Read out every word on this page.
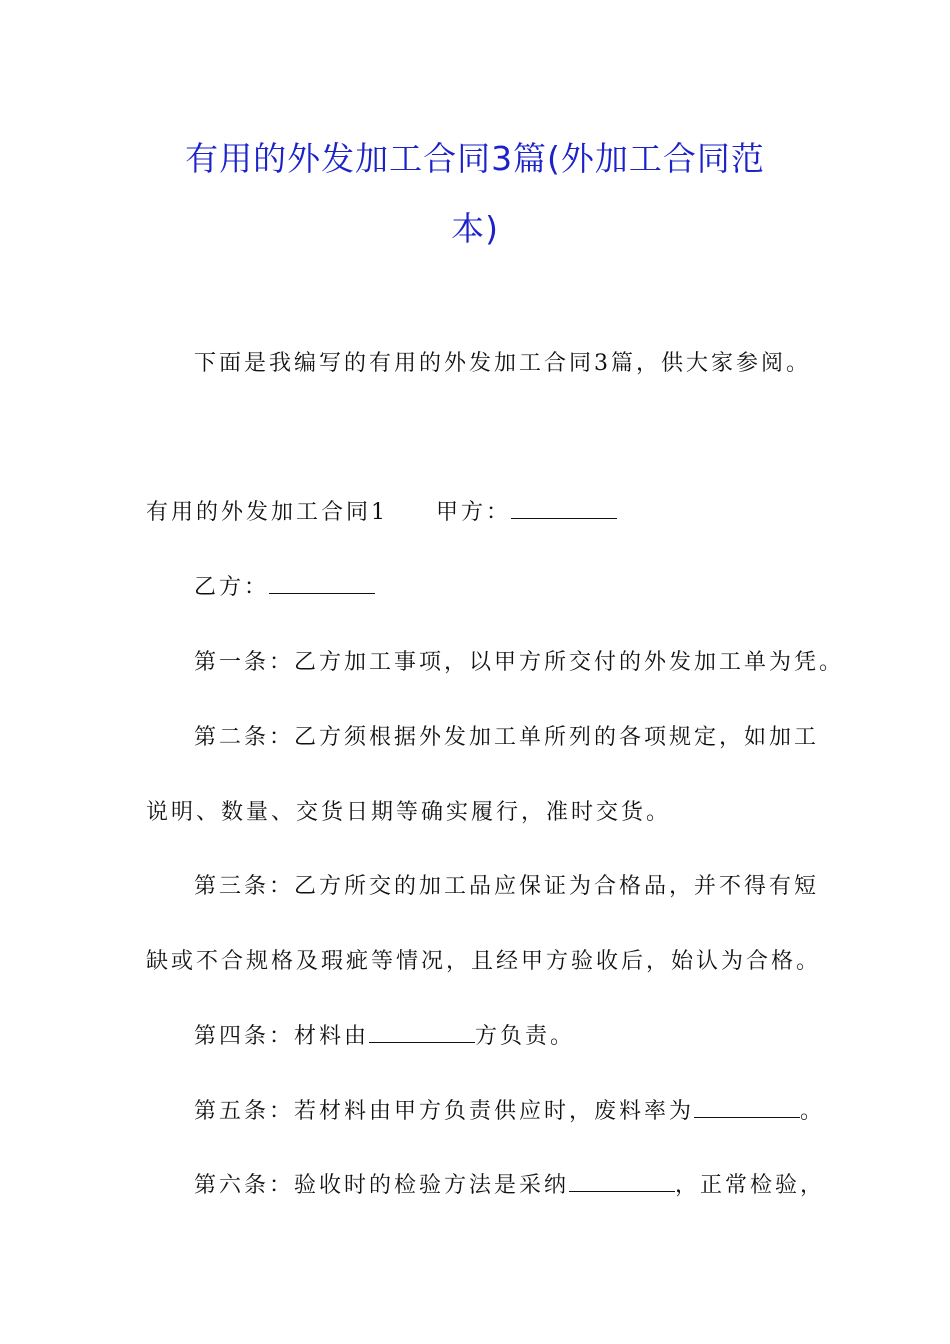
有用的外发加工合同3篇(外加工合同范
本)
下面是我编写的有用的外发加工合同3篇，供大家参阅。
有用的外发加工合同1 甲方：
乙方：
第一条：乙方加工事项，以甲方所交付的外发加工单为凭。
第二条：乙方须根据外发加工单所列的各项规定，如加工
说明、数量、交货日期等确实履行，准时交货。
第三条：乙方所交的加工品应保证为合格品，并不得有短
缺或不合规格及瑕疵等情况，且经甲方验收后，始认为合格。
第四条：材料由	方负责。
第五条：若材料由甲方负责供应时，废料率为	。
第六条：验收时的检验方法是采纳	，正常检验，
